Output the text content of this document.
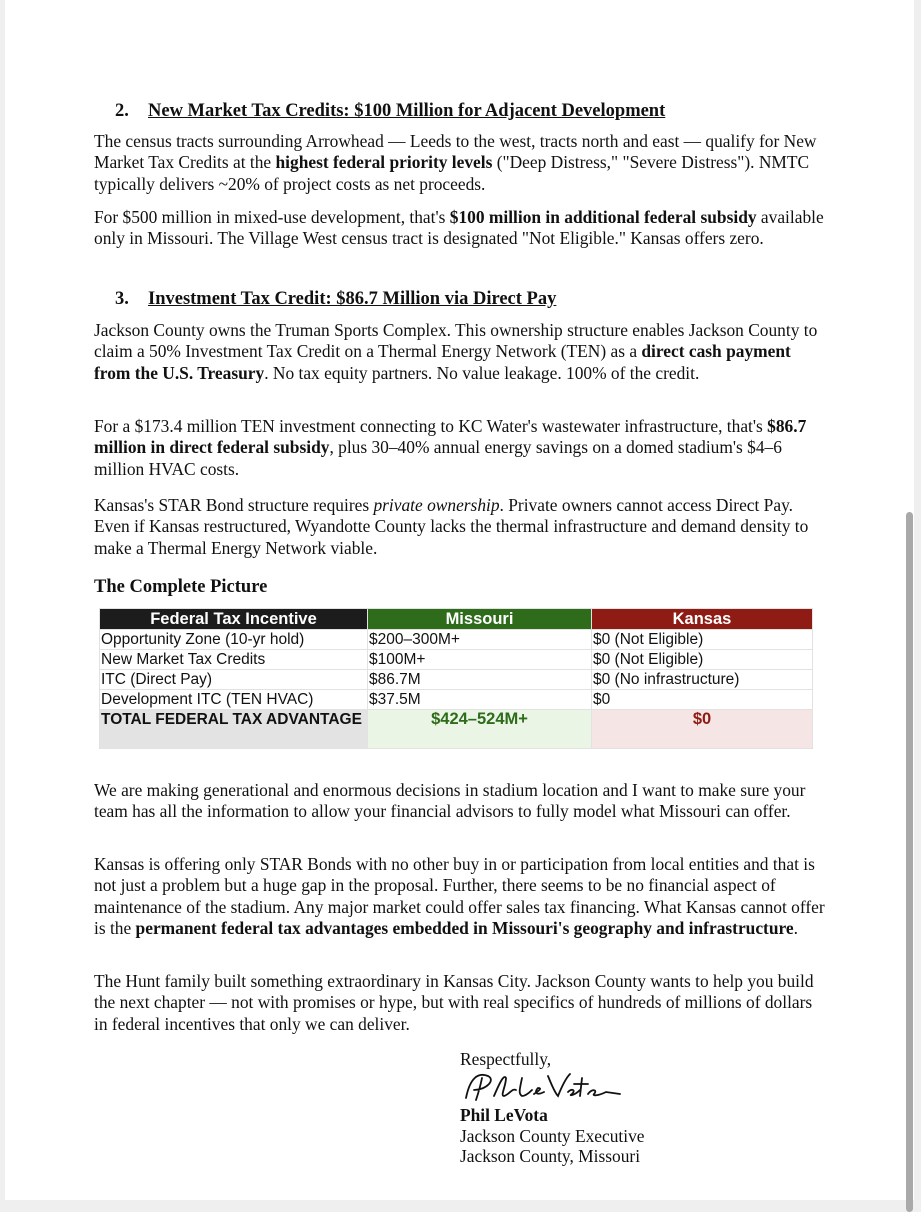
2. New Market Tax Credits: $100 Million for Adjacent Development

The census tracts surrounding Arrowhead — Leeds to the west, tracts north and east — qualify for New Market Tax Credits at the highest federal priority levels ("Deep Distress," "Severe Distress"). NMTC typically delivers ~20% of project costs as net proceeds.

For $500 million in mixed-use development, that's $100 million in additional federal subsidy available only in Missouri. The Village West census tract is designated "Not Eligible." Kansas offers zero.

3. Investment Tax Credit: $86.7 Million via Direct Pay

Jackson County owns the Truman Sports Complex. This ownership structure enables Jackson County to claim a 50% Investment Tax Credit on a Thermal Energy Network (TEN) as a direct cash payment from the U.S. Treasury. No tax equity partners. No value leakage. 100% of the credit.

For a $173.4 million TEN investment connecting to KC Water's wastewater infrastructure, that's $86.7 million in direct federal subsidy, plus 30–40% annual energy savings on a domed stadium's $4–6 million HVAC costs.

Kansas's STAR Bond structure requires private ownership. Private owners cannot access Direct Pay. Even if Kansas restructured, Wyandotte County lacks the thermal infrastructure and demand density to make a Thermal Energy Network viable.

The Complete Picture
Federal Tax Incentive	Missouri	Kansas
Opportunity Zone (10-yr hold)	$200–300M+	$0 (Not Eligible)
New Market Tax Credits	$100M+	$0 (Not Eligible)
ITC (Direct Pay)	$86.7M	$0 (No infrastructure)
Development ITC (TEN HVAC)	$37.5M	$0
TOTAL FEDERAL TAX ADVANTAGE	$424–524M+	$0

We are making generational and enormous decisions in stadium location and I want to make sure your team has all the information to allow your financial advisors to fully model what Missouri can offer.

Kansas is offering only STAR Bonds with no other buy in or participation from local entities and that is not just a problem but a huge gap in the proposal. Further, there seems to be no financial aspect of maintenance of the stadium. Any major market could offer sales tax financing. What Kansas cannot offer is the permanent federal tax advantages embedded in Missouri's geography and infrastructure.

The Hunt family built something extraordinary in Kansas City. Jackson County wants to help you build the next chapter — not with promises or hype, but with real specifics of hundreds of millions of dollars in federal incentives that only we can deliver.

Respectfully,
Phil LeVota
Jackson County Executive
Jackson County, Missouri
